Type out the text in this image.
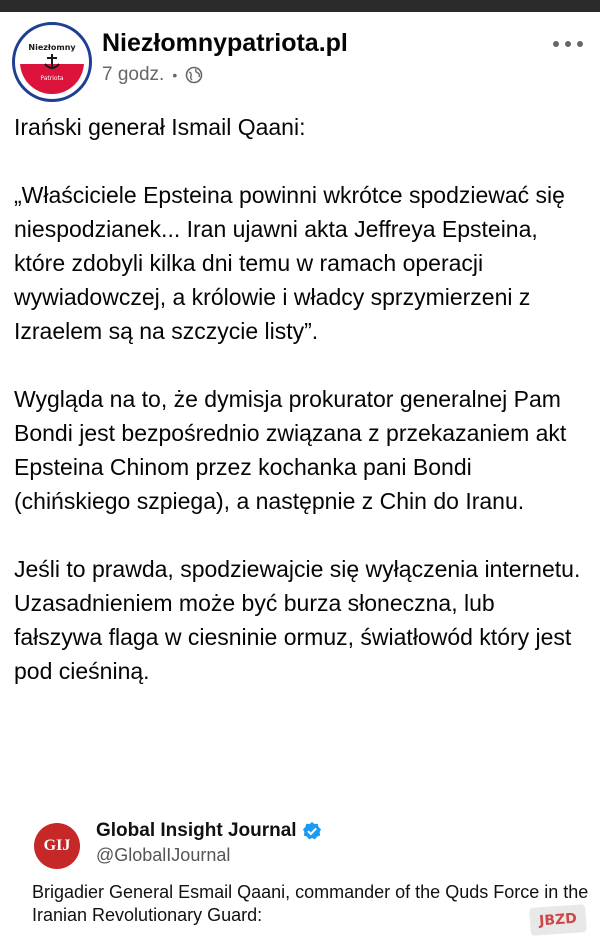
Niezłomny
Patriota
Niezłomnypatriota.pl
7 godz. •

Irański generał Ismail Qaani:

„Właściciele Epsteina powinni wkrótce spodziewać się niespodzianek... Iran ujawni akta Jeffreya Epsteina, które zdobyli kilka dni temu w ramach operacji wywiadowczej, a królowie i władcy sprzymierzeni z Izraelem są na szczycie listy”.

Wygląda na to, że dymisja prokurator generalnej Pam Bondi jest bezpośrednio związana z przekazaniem akt Epsteina Chinom przez kochanka pani Bondi (chińskiego szpiega), a następnie z Chin do Iranu.

Jeśli to prawda, spodziewajcie się wyłączenia internetu. Uzasadnieniem może być burza słoneczna, lub fałszywa flaga w ciesninie ormuz, światłowód który jest pod cieśniną.

GIJ
Global Insight Journal
@GlobalIJournal
Brigadier General Esmail Qaani, commander of the Quds Force in the Iranian Revolutionary Guard:	JBZD
